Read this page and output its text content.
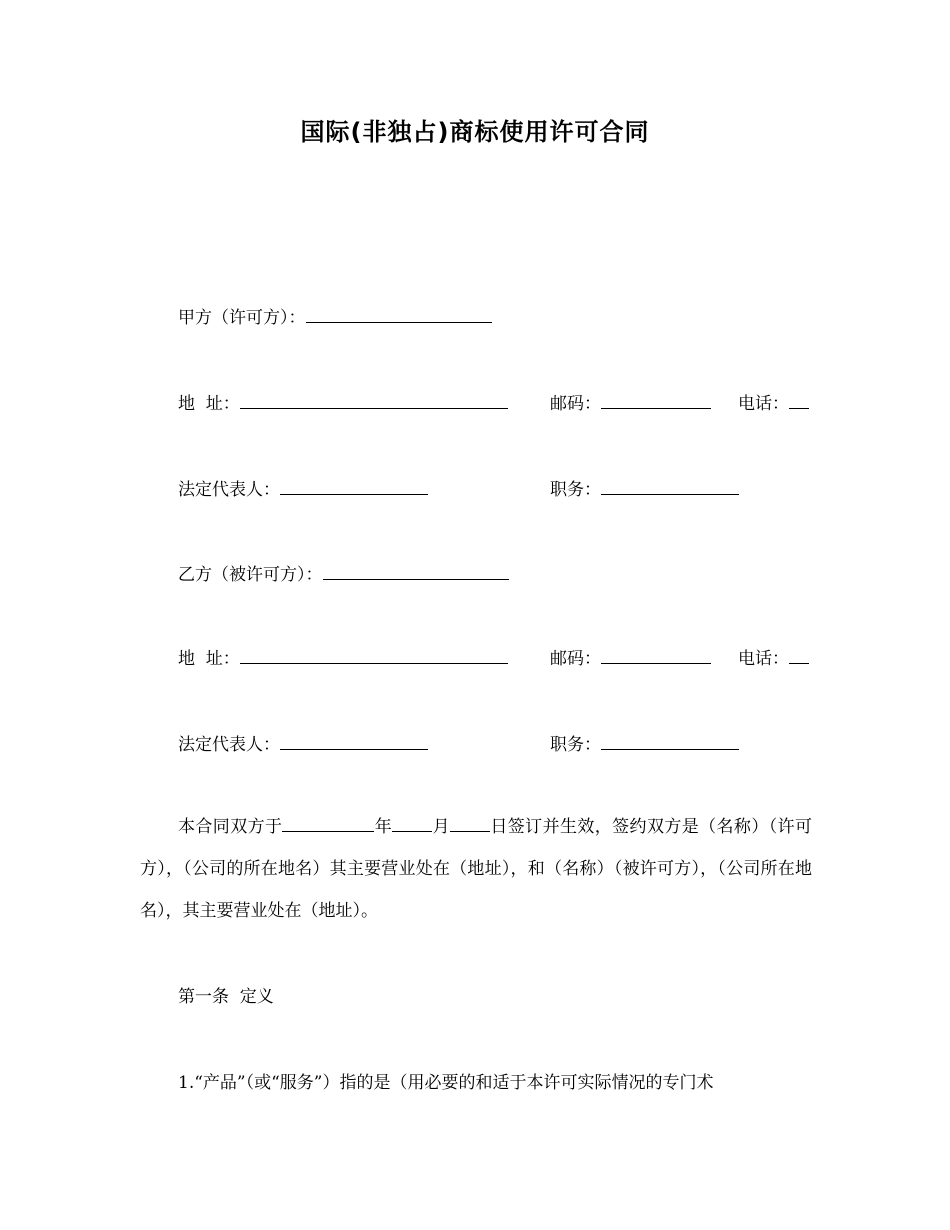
国际(非独占)商标使用许可合同
甲方（许可方）：
地  址：	邮码：	电话：
法定代表人：	职务：
乙方（被许可方）：
地  址：	邮码：	电话：
法定代表人：	职务：
本合同双方于	年 月 日签订并生效，签约双方是（名称）（许可方），（公司的所在地名）其主要营业处在（地址），和（名称）（被许可方），（公司所在地名），其主要营业处在（地址）。
第一条  定义
1.“产品”（或“服务”）指的是（用必要的和适于本许可实际情况的专门术
